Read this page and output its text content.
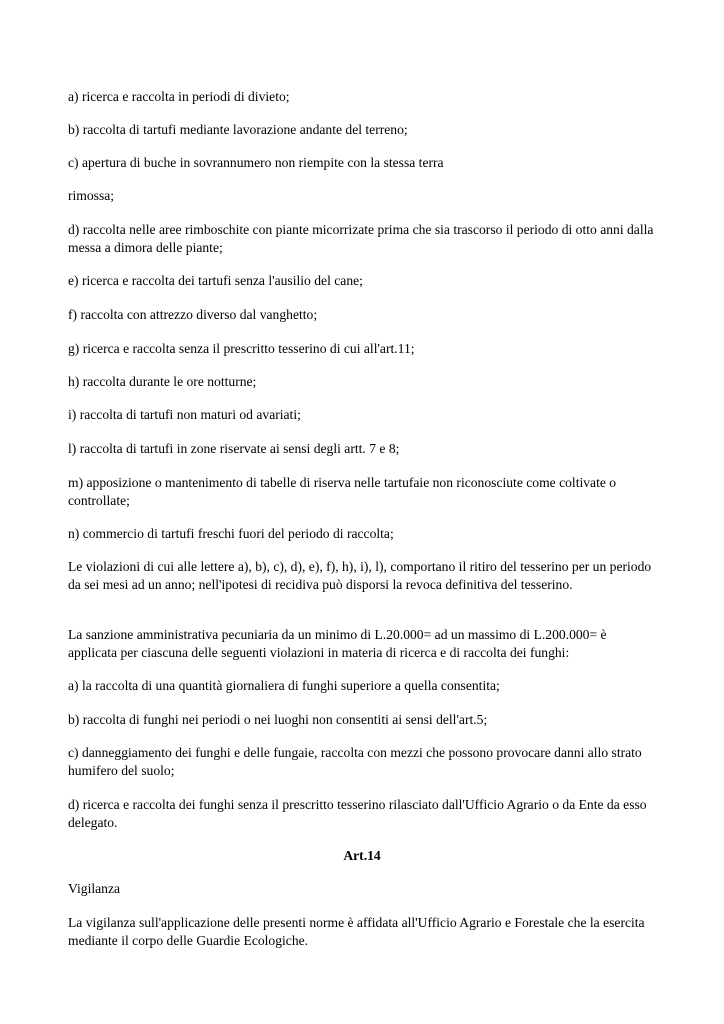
a) ricerca e raccolta in periodi di divieto;

b) raccolta di tartufi mediante lavorazione andante del terreno;

c) apertura di buche in sovrannumero non riempite con la stessa terra

rimossa;

d) raccolta nelle aree rimboschite con piante micorrizate prima che sia trascorso il periodo di otto anni dalla messa a dimora delle piante;

e) ricerca e raccolta dei tartufi senza l'ausilio del cane;

f) raccolta con attrezzo diverso dal vanghetto;

g) ricerca e raccolta senza il prescritto tesserino di cui all'art.11;

h) raccolta durante le ore notturne;

i) raccolta di tartufi non maturi od avariati;

l) raccolta di tartufi in zone riservate ai sensi degli artt. 7 e 8;

m) apposizione o mantenimento di tabelle di riserva nelle tartufaie non riconosciute come coltivate o controllate;

n) commercio di tartufi freschi fuori del periodo di raccolta;

Le violazioni di cui alle lettere a), b), c), d), e), f), h), i), l), comportano il ritiro del tesserino per un periodo da sei mesi ad un anno; nell'ipotesi di recidiva può disporsi la revoca definitiva del tesserino.

La sanzione amministrativa pecuniaria da un minimo di L.20.000= ad un massimo di L.200.000= è applicata per ciascuna delle seguenti violazioni in materia di ricerca e di raccolta dei funghi:

a) la raccolta di una quantità giornaliera di funghi superiore a quella consentita;

b) raccolta di funghi nei periodi o nei luoghi non consentiti ai sensi dell'art.5;

c) danneggiamento dei funghi e delle fungaie, raccolta con mezzi che possono provocare danni allo strato humifero del suolo;

d) ricerca e raccolta dei funghi senza il prescritto tesserino rilasciato dall'Ufficio Agrario o da Ente da esso delegato.

Art.14

Vigilanza

La vigilanza sull'applicazione delle presenti norme è affidata all'Ufficio Agrario e Forestale che la esercita mediante il corpo delle Guardie Ecologiche.
